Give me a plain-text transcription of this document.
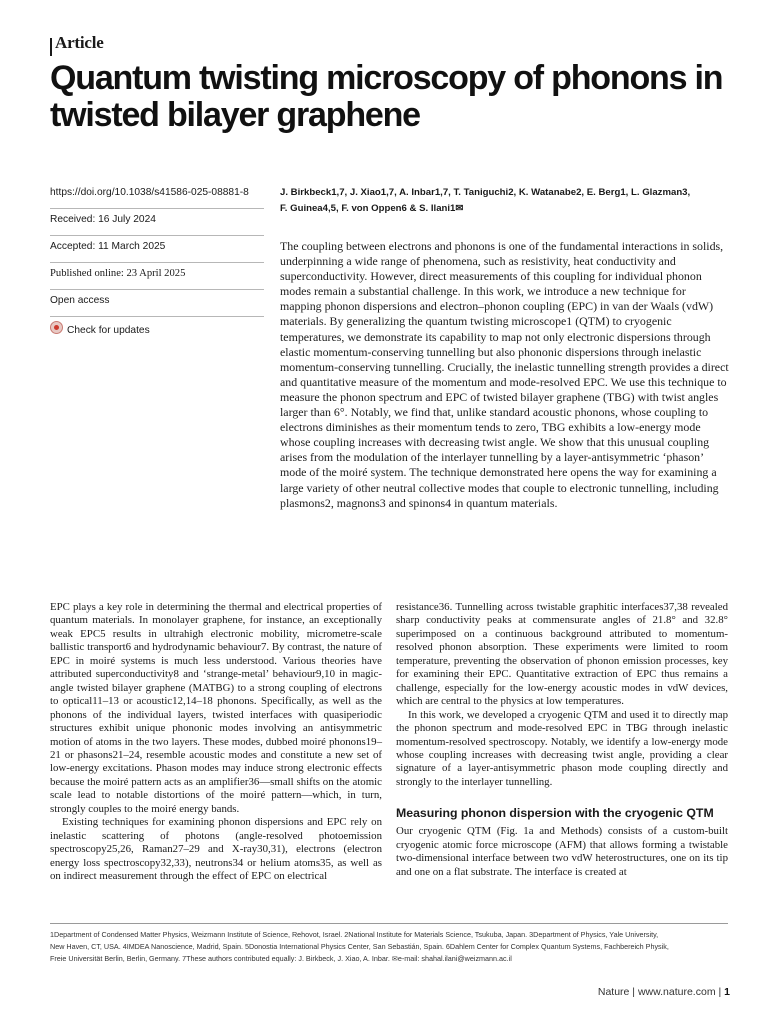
Article
Quantum twisting microscopy of phonons in twisted bilayer graphene
https://doi.org/10.1038/s41586-025-08881-8
Received: 16 July 2024
Accepted: 11 March 2025
Published online: 23 April 2025
Open access
Check for updates
J. Birkbeck1,7, J. Xiao1,7, A. Inbar1,7, T. Taniguchi2, K. Watanabe2, E. Berg1, L. Glazman3,
F. Guinea4,5, F. von Oppen6 & S. Ilani1✉
The coupling between electrons and phonons is one of the fundamental interactions in solids, underpinning a wide range of phenomena, such as resistivity, heat conductivity and superconductivity. However, direct measurements of this coupling for individual phonon modes remain a substantial challenge. In this work, we introduce a new technique for mapping phonon dispersions and electron–phonon coupling (EPC) in van der Waals (vdW) materials. By generalizing the quantum twisting microscope1 (QTM) to cryogenic temperatures, we demonstrate its capability to map not only electronic dispersions through elastic momentum-conserving tunnelling but also phononic dispersions through inelastic momentum-conserving tunnelling. Crucially, the inelastic tunnelling strength provides a direct and quantitative measure of the momentum and mode-resolved EPC. We use this technique to measure the phonon spectrum and EPC of twisted bilayer graphene (TBG) with twist angles larger than 6°. Notably, we find that, unlike standard acoustic phonons, whose coupling to electrons diminishes as their momentum tends to zero, TBG exhibits a low-energy mode whose coupling increases with decreasing twist angle. We show that this unusual coupling arises from the modulation of the interlayer tunnelling by a layer-antisymmetric ‘phason’ mode of the moiré system. The technique demonstrated here opens the way for examining a large variety of other neutral collective modes that couple to electronic tunnelling, including plasmons2, magnons3 and spinons4 in quantum materials.

EPC plays a key role in determining the thermal and electrical properties of quantum materials. In monolayer graphene, for instance, an exceptionally weak EPC5 results in ultrahigh electronic mobility, micrometre-scale ballistic transport6 and hydrodynamic behaviour7. By contrast, the nature of EPC in moiré systems is much less understood. Various theories have attributed superconductivity8 and ‘strange-metal’ behaviour9,10 in magic-angle twisted bilayer graphene (MATBG) to a strong coupling of electrons to optical11–13 or acoustic12,14–18 phonons. Specifically, as well as the phonons of the individual layers, twisted interfaces with quasiperiodic structures exhibit unique phononic modes involving an antisymmetric motion of atoms in the two layers. These modes, dubbed moiré phonons19–21 or phasons21–24, resemble acoustic modes and constitute a new set of low-energy excitations. Phason modes may induce strong electronic effects because the moiré pattern acts as an amplifier36—small shifts on the atomic scale lead to notable distortions of the moiré pattern—which, in turn, strongly couples to the moiré energy bands.

Existing techniques for examining phonon dispersions and EPC rely on inelastic scattering of photons (angle-resolved photoemission spectroscopy25,26, Raman27–29 and X-ray30,31), electrons (electron energy loss spectroscopy32,33), neutrons34 or helium atoms35, as well as on indirect measurement through the effect of EPC on electrical

resistance36. Tunnelling across twistable graphitic interfaces37,38 revealed sharp conductivity peaks at commensurate angles of 21.8° and 32.8° superimposed on a continuous background attributed to momentum-resolved phonon absorption. These experiments were limited to room temperature, preventing the observation of phonon emission processes, key for examining their EPC. Quantitative extraction of EPC thus remains a challenge, especially for the low-energy acoustic modes in vdW devices, which are central to the physics at low temperatures.

In this work, we developed a cryogenic QTM and used it to directly map the phonon spectrum and mode-resolved EPC in TBG through inelastic momentum-resolved spectroscopy. Notably, we identify a low-energy mode whose coupling increases with decreasing twist angle, providing a clear signature of a layer-antisymmetric phason mode coupling directly and strongly to the interlayer tunnelling.

Measuring phonon dispersion with the cryogenic QTM

Our cryogenic QTM (Fig. 1a and Methods) consists of a custom-built cryogenic atomic force microscope (AFM) that allows forming a twistable two-dimensional interface between two vdW heterostructures, one on its tip and one on a flat substrate. The interface is created at

1Department of Condensed Matter Physics, Weizmann Institute of Science, Rehovot, Israel. 2National Institute for Materials Science, Tsukuba, Japan. 3Department of Physics, Yale University,
New Haven, CT, USA. 4IMDEA Nanoscience, Madrid, Spain. 5Donostia International Physics Center, San Sebastián, Spain. 6Dahlem Center for Complex Quantum Systems, Fachbereich Physik,
Freie Universität Berlin, Berlin, Germany. 7These authors contributed equally: J. Birkbeck, J. Xiao, A. Inbar. ✉e-mail: shahal.ilani@weizmann.ac.il
Nature | www.nature.com | 1
